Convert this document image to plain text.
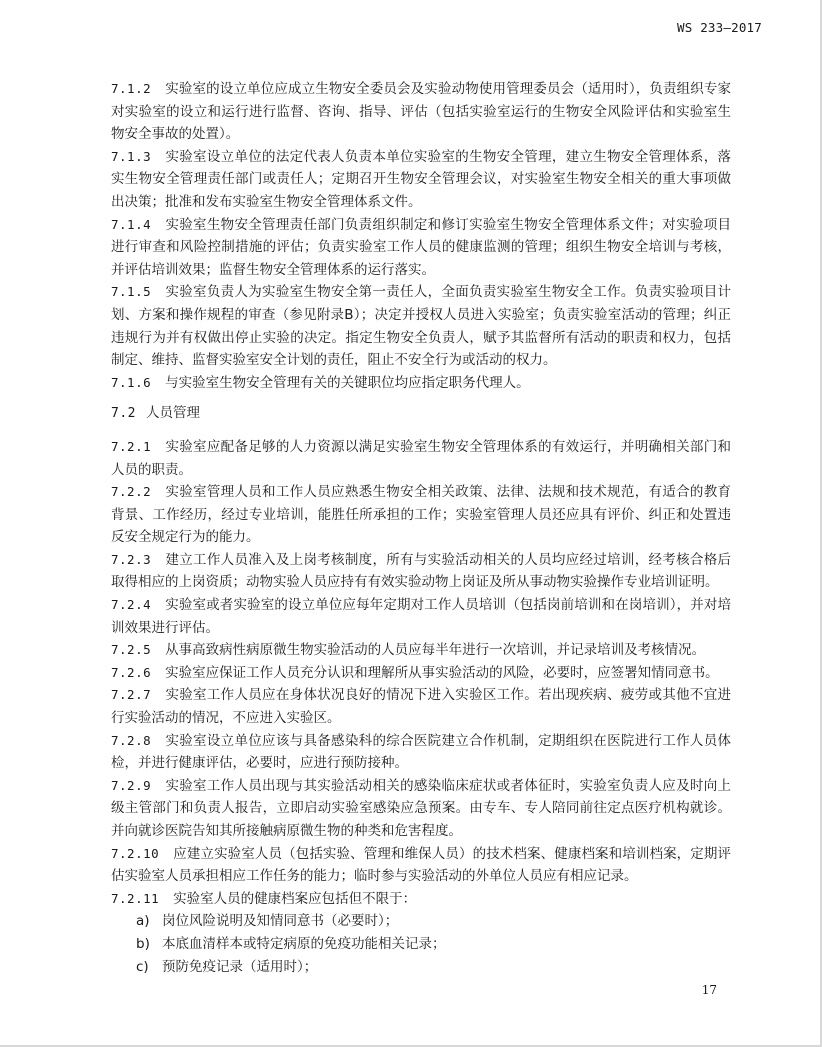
WS 233—2017
7.1.2 实验室的设立单位应成立生物安全委员会及实验动物使用管理委员会（适用时），负责组织专家对实验室的设立和运行进行监督、咨询、指导、评估（包括实验室运行的生物安全风险评估和实验室生物安全事故的处置）。
7.1.3 实验室设立单位的法定代表人负责本单位实验室的生物安全管理，建立生物安全管理体系，落实生物安全管理责任部门或责任人；定期召开生物安全管理会议，对实验室生物安全相关的重大事项做出决策；批准和发布实验室生物安全管理体系文件。
7.1.4 实验室生物安全管理责任部门负责组织制定和修订实验室生物安全管理体系文件；对实验项目进行审查和风险控制措施的评估；负责实验室工作人员的健康监测的管理；组织生物安全培训与考核，并评估培训效果；监督生物安全管理体系的运行落实。
7.1.5 实验室负责人为实验室生物安全第一责任人，全面负责实验室生物安全工作。负责实验项目计划、方案和操作规程的审查（参见附录B）；决定并授权人员进入实验室；负责实验室活动的管理；纠正违规行为并有权做出停止实验的决定。指定生物安全负责人，赋予其监督所有活动的职责和权力，包括制定、维持、监督实验室安全计划的责任，阻止不安全行为或活动的权力。
7.1.6 与实验室生物安全管理有关的关键职位均应指定职务代理人。
7.2 人员管理
7.2.1 实验室应配备足够的人力资源以满足实验室生物安全管理体系的有效运行，并明确相关部门和人员的职责。
7.2.2 实验室管理人员和工作人员应熟悉生物安全相关政策、法律、法规和技术规范，有适合的教育背景、工作经历，经过专业培训，能胜任所承担的工作；实验室管理人员还应具有评价、纠正和处置违反安全规定行为的能力。
7.2.3 建立工作人员准入及上岗考核制度，所有与实验活动相关的人员均应经过培训，经考核合格后取得相应的上岗资质；动物实验人员应持有有效实验动物上岗证及所从事动物实验操作专业培训证明。
7.2.4 实验室或者实验室的设立单位应每年定期对工作人员培训（包括岗前培训和在岗培训），并对培训效果进行评估。
7.2.5 从事高致病性病原微生物实验活动的人员应每半年进行一次培训，并记录培训及考核情况。
7.2.6 实验室应保证工作人员充分认识和理解所从事实验活动的风险，必要时，应签署知情同意书。
7.2.7 实验室工作人员应在身体状况良好的情况下进入实验区工作。若出现疾病、疲劳或其他不宜进行实验活动的情况，不应进入实验区。
7.2.8 实验室设立单位应该与具备感染科的综合医院建立合作机制，定期组织在医院进行工作人员体检，并进行健康评估，必要时，应进行预防接种。
7.2.9 实验室工作人员出现与其实验活动相关的感染临床症状或者体征时，实验室负责人应及时向上级主管部门和负责人报告，立即启动实验室感染应急预案。由专车、专人陪同前往定点医疗机构就诊。并向就诊医院告知其所接触病原微生物的种类和危害程度。
7.2.10 应建立实验室人员（包括实验、管理和维保人员）的技术档案、健康档案和培训档案，定期评估实验室人员承担相应工作任务的能力；临时参与实验活动的外单位人员应有相应记录。
7.2.11 实验室人员的健康档案应包括但不限于：
a) 岗位风险说明及知情同意书（必要时）；
b) 本底血清样本或特定病原的免疫功能相关记录；
c) 预防免疫记录（适用时）；
17
